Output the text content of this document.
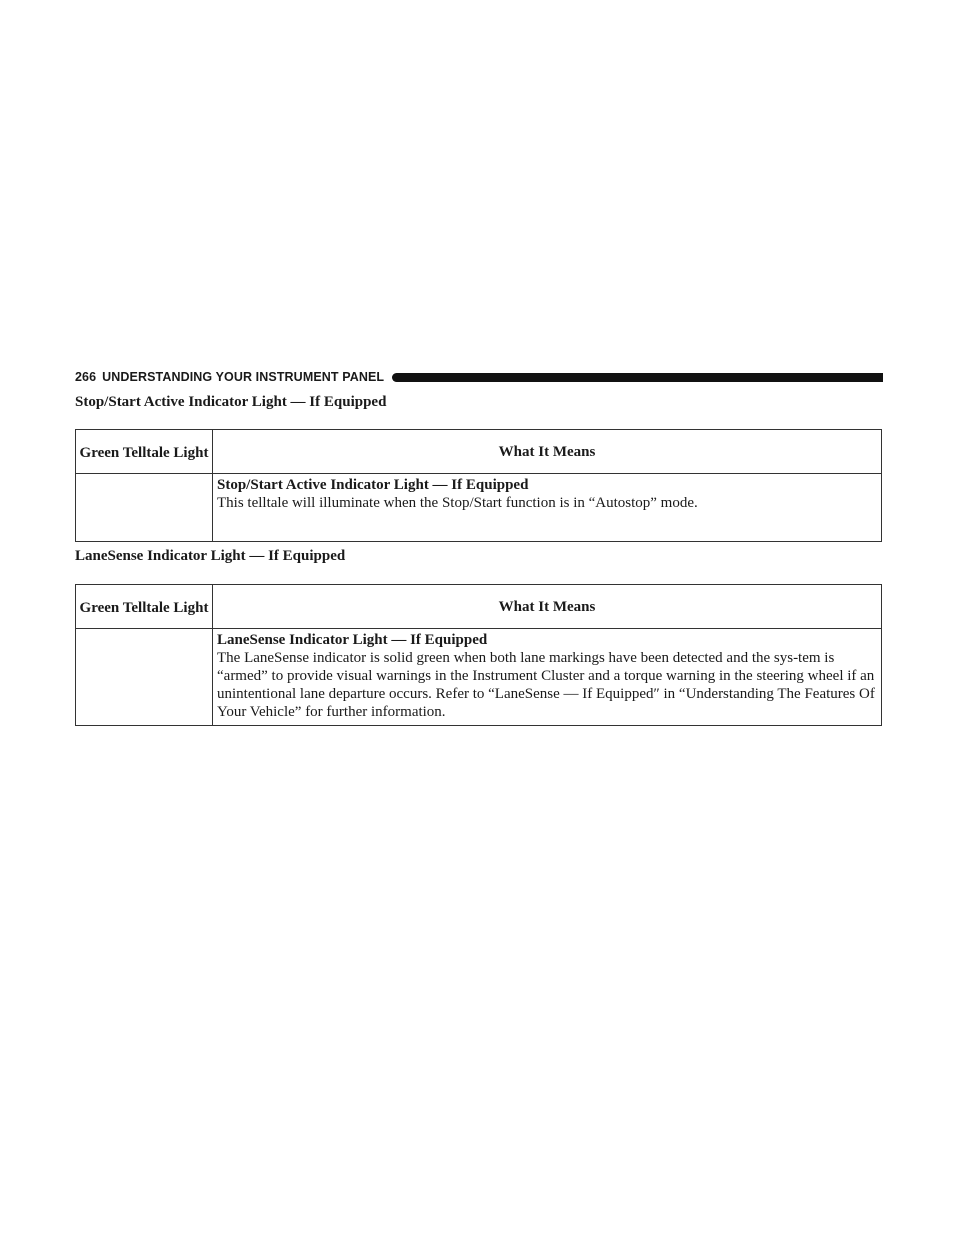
266 UNDERSTANDING YOUR INSTRUMENT PANEL
Stop/Start Active Indicator Light — If Equipped
Green Telltale Light	What It Means

	Stop/Start Active Indicator Light — If Equipped
This telltale will illuminate when the Stop/Start function is in “Autostop” mode.
LaneSense Indicator Light — If Equipped
Green Telltale Light	What It Means

	LaneSense Indicator Light — If Equipped
The LaneSense indicator is solid green when both lane markings have been detected and the sys-tem is “armed” to provide visual warnings in the Instrument Cluster and a torque warning in the steering wheel if an unintentional lane departure occurs. Refer to “LaneSense — If Equipped″ in “Understanding The Features Of Your Vehicle” for further information.
